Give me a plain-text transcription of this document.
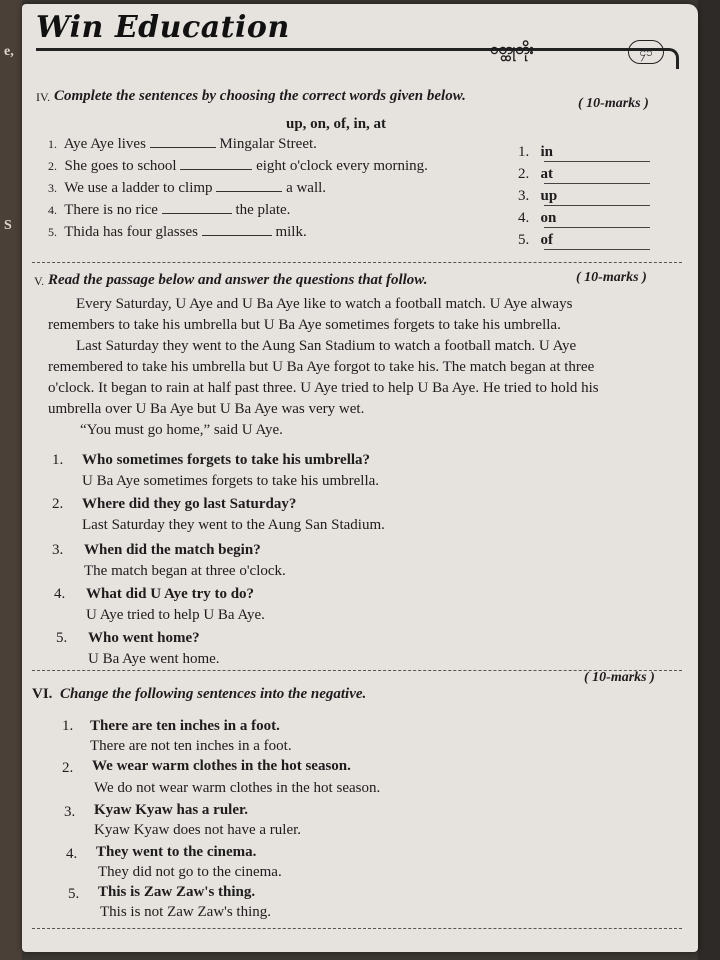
e,
S
Win Education
ဝတ္ထုတိုး	၄၁
IV. Complete the sentences by choosing the correct words given below.	( 10-marks )
up, on, of, in, at
1. Aye Aye lives	Mingalar Street.
2. She goes to school	eight o'clock every morning.
3. We use a ladder to climp	a wall.
4. There is no rice	the plate.
5. Thida has four glasses	milk.
1. in
2. at
3. up
4. on
5. of
V. Read the passage below and answer the questions that follow.	( 10-marks )
Every Saturday, U Aye and U Ba Aye like to watch a football match. U Aye always
remembers to take his umbrella but U Ba Aye sometimes forgets to take his umbrella.
Last Saturday they went to the Aung San Stadium to watch a football match. U Aye
remembered to take his umbrella but U Ba Aye forgot to take his. The match began at three
o'clock. It began to rain at half past three. U Aye tried to help U Ba Aye. He tried to hold his
umbrella over U Ba Aye but U Ba Aye was very wet.
“You must go home,” said U Aye.
1. Who sometimes forgets to take his umbrella?
U Ba Aye sometimes forgets to take his umbrella.
2. Where did they go last Saturday?
Last Saturday they went to the Aung San Stadium.
3. When did the match begin?
The match began at three o'clock.
4. What did U Aye try to do?
U Aye tried to help U Ba Aye.
5. Who went home?
U Ba Aye went home.
VI. Change the following sentences into the negative.
( 10-marks )
1. There are ten inches in a foot.
There are not ten inches in a foot.
2. We wear warm clothes in the hot season.
We do not wear warm clothes in the hot season.
3. Kyaw Kyaw has a ruler.
Kyaw Kyaw does not have a ruler.
4. They went to the cinema.
They did not go to the cinema.
5. This is Zaw Zaw's thing.
This is not Zaw Zaw's thing.
